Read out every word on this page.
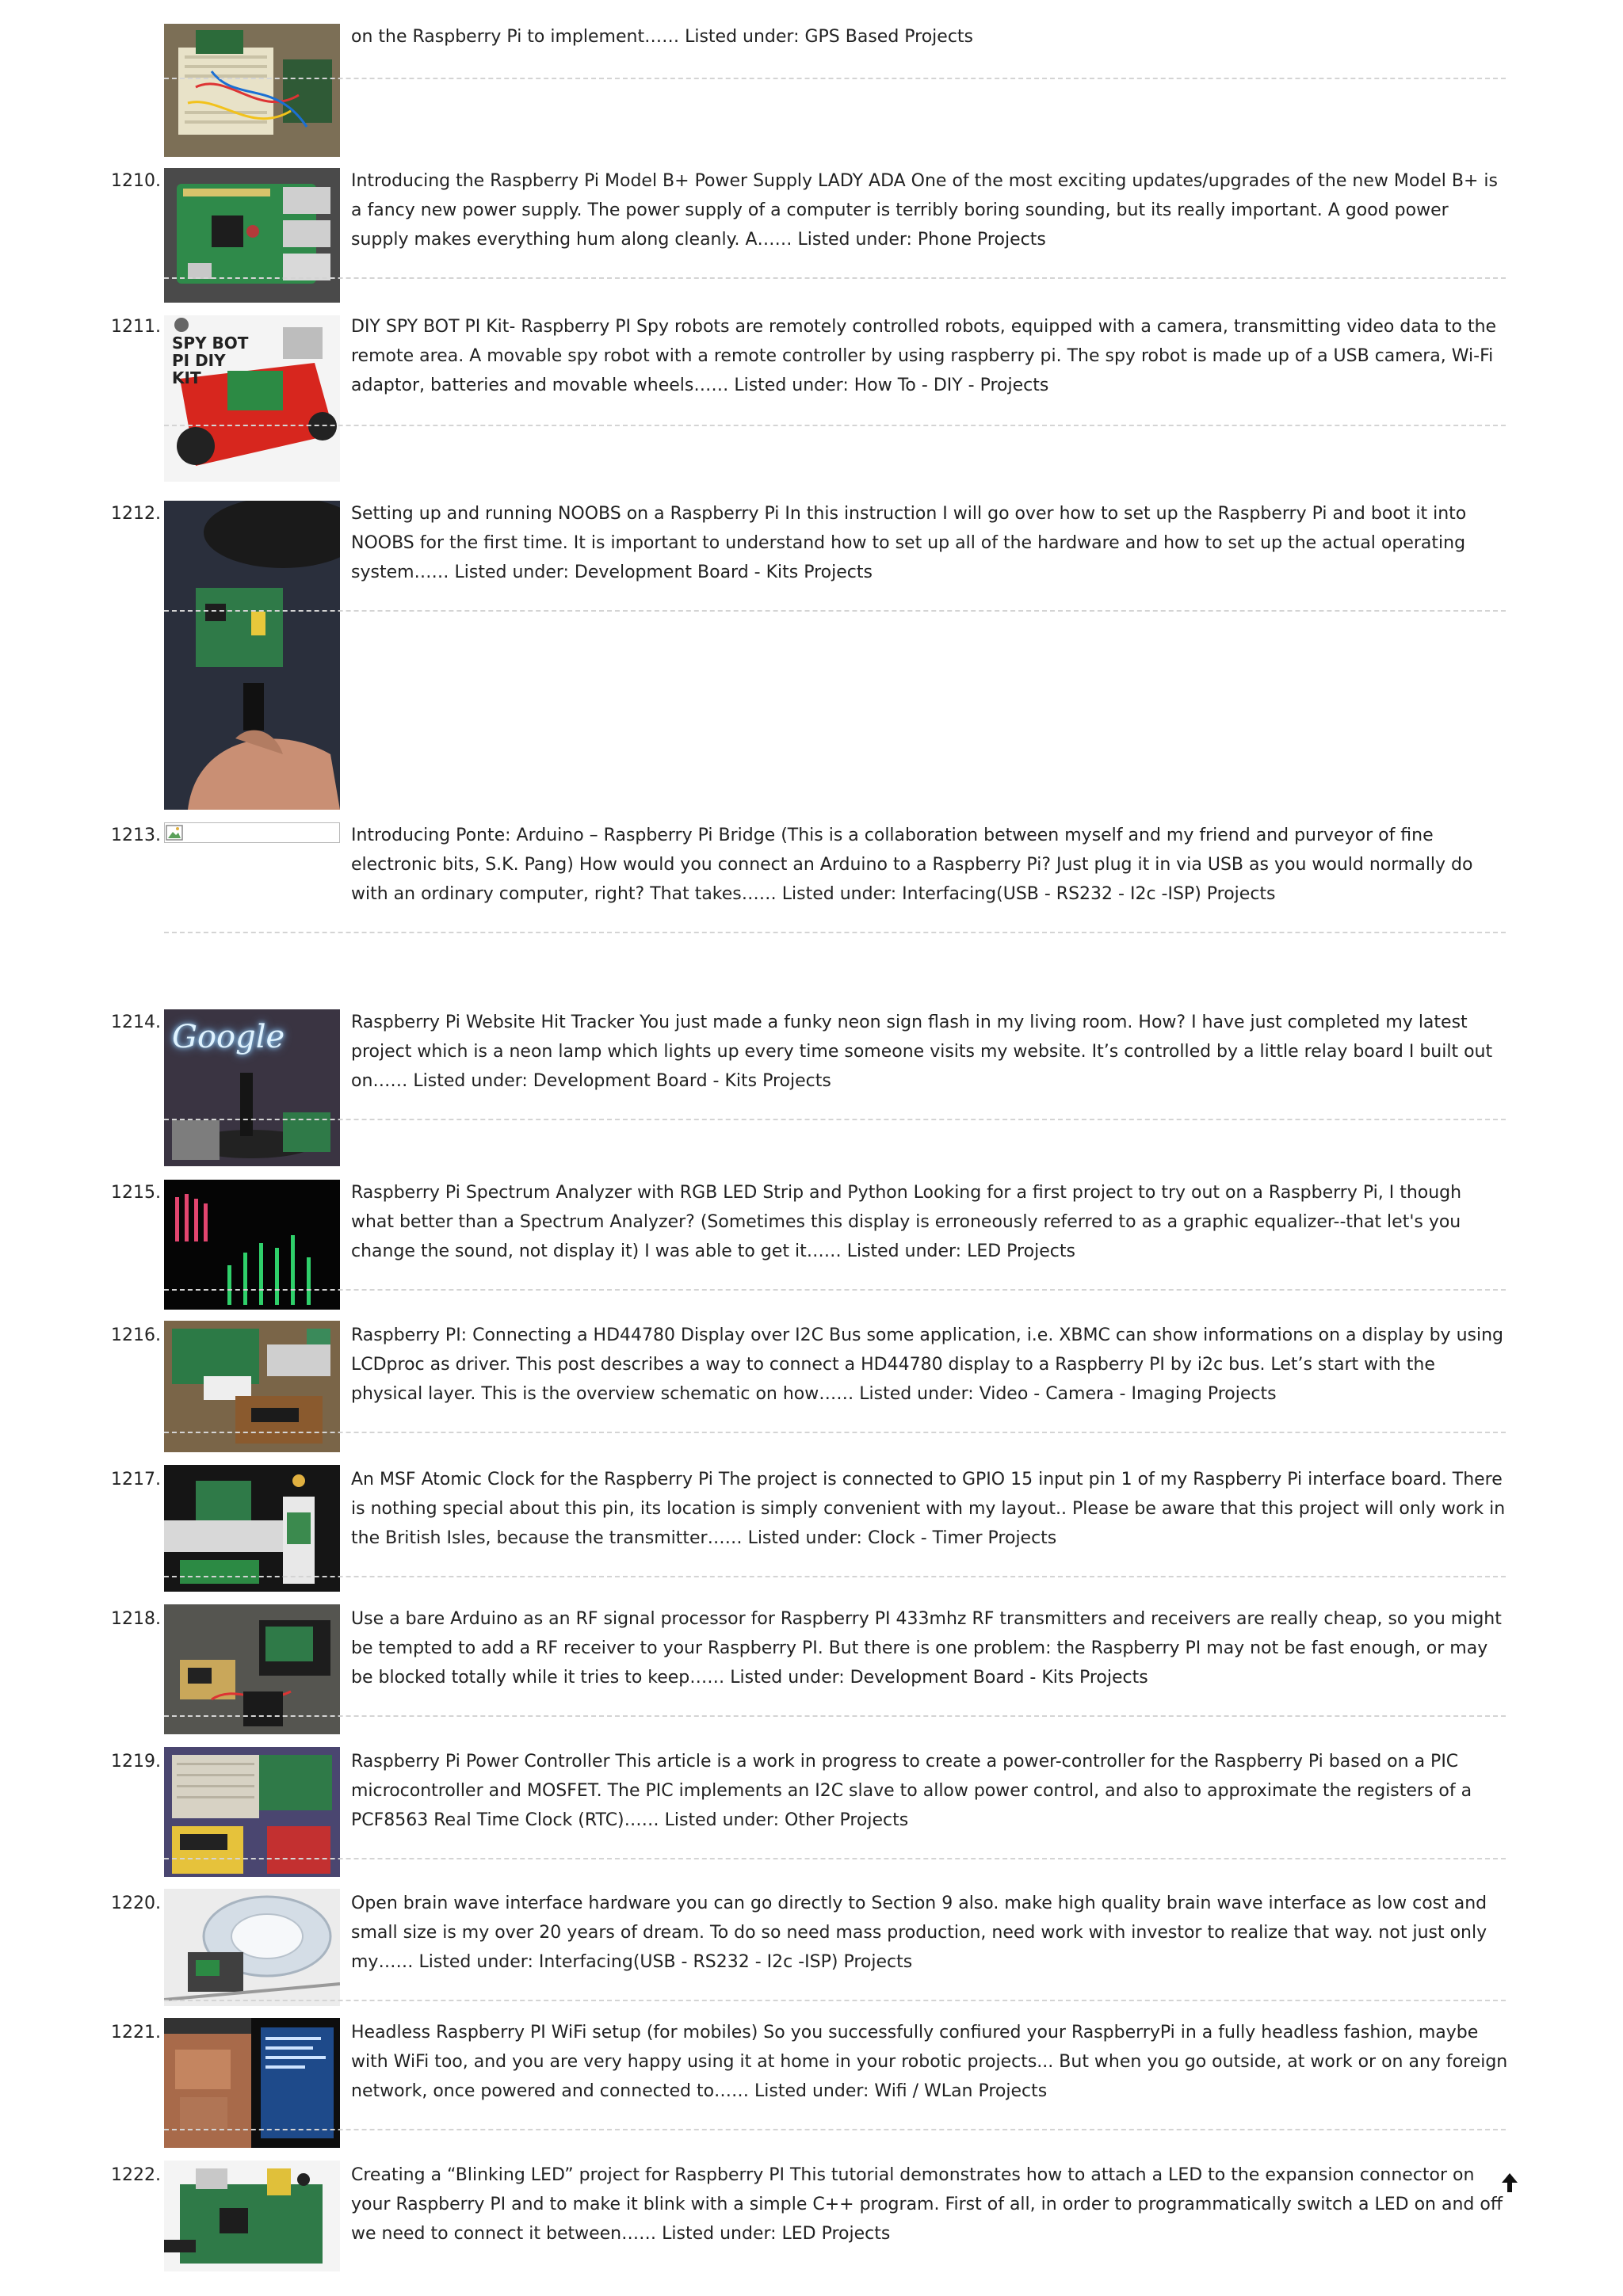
on the Raspberry Pi to implement…… Listed under: GPS Based Projects

1210.	Introducing the Raspberry Pi Model B+ Power Supply LADY ADA One of the most exciting updates/upgrades of the new Model B+ is a fancy new power supply. The power supply of a computer is terribly boring sounding, but its really important. A good power supply makes everything hum along cleanly. A…… Listed under: Phone Projects

1211.
SPY BOT PI DIY KIT

DIY SPY BOT PI Kit- Raspberry PI Spy robots are remotely controlled robots, equipped with a camera, transmitting video data to the remote area. A movable spy robot with a remote controller by using raspberry pi. The spy robot is made up of a USB camera, Wi-Fi adaptor, batteries and movable wheels…… Listed under: How To - DIY - Projects

1212.	Setting up and running NOOBS on a Raspberry Pi In this instruction I will go over how to set up the Raspberry Pi and boot it into NOOBS for the first time. It is important to understand how to set up all of the hardware and how to set up the actual operating system…… Listed under: Development Board - Kits Projects

1213.	Introducing Ponte: Arduino – Raspberry Pi Bridge (This is a collaboration between myself and my friend and purveyor of fine electronic bits, S.K. Pang) How would you connect an Arduino to a Raspberry Pi? Just plug it in via USB as you would normally do with an ordinary computer, right? That takes…… Listed under: Interfacing(USB - RS232 - I2c -ISP) Projects

1214. Google	Raspberry Pi Website Hit Tracker You just made a funky neon sign flash in my living room. How? I have just completed my latest project which is a neon lamp which lights up every time someone visits my website. It’s controlled by a little relay board I built out on…… Listed under: Development Board - Kits Projects

1215.	Raspberry Pi Spectrum Analyzer with RGB LED Strip and Python Looking for a first project to try out on a Raspberry Pi, I though what better than a Spectrum Analyzer? (Sometimes this display is erroneously referred to as a graphic equalizer--that let's you change the sound, not display it) I was able to get it…… Listed under: LED Projects

1216.	Raspberry PI: Connecting a HD44780 Display over I2C Bus some application, i.e. XBMC can show informations on a display by using LCDproc as driver. This post describes a way to connect a HD44780 display to a Raspberry PI by i2c bus. Let’s start with the physical layer. This is the overview schematic on how…… Listed under: Video - Camera - Imaging Projects

1217.	An MSF Atomic Clock for the Raspberry Pi The project is connected to GPIO 15 input pin 1 of my Raspberry Pi interface board. There is nothing special about this pin, its location is simply convenient with my layout.. Please be aware that this project will only work in the British Isles, because the transmitter…… Listed under: Clock - Timer Projects

1218.	Use a bare Arduino as an RF signal processor for Raspberry PI 433mhz RF transmitters and receivers are really cheap, so you might be tempted to add a RF receiver to your Raspberry PI. But there is one problem: the Raspberry PI may not be fast enough, or may be blocked totally while it tries to keep…… Listed under: Development Board - Kits Projects

1219.	Raspberry Pi Power Controller This article is a work in progress to create a power-controller for the Raspberry Pi based on a PIC microcontroller and MOSFET. The PIC implements an I2C slave to allow power control, and also to approximate the registers of a PCF8563 Real Time Clock (RTC)…… Listed under: Other Projects

1220.	Open brain wave interface hardware you can go directly to Section 9 also. make high quality brain wave interface as low cost and small size is my over 20 years of dream. To do so need mass production, need work with investor to realize that way. not just only my…… Listed under: Interfacing(USB - RS232 - I2c -ISP) Projects

1221.	Headless Raspberry PI WiFi setup (for mobiles) So you successfully confiured your RaspberryPi in a fully headless fashion, maybe with WiFi too, and you are very happy using it at home in your robotic projects... But when you go outside, at work or on any foreign network, once powered and connected to…… Listed under: Wifi / WLan Projects

1222.	Creating a “Blinking LED” project for Raspberry PI This tutorial demonstrates how to attach a LED to the expansion connector on your Raspberry PI and to make it blink with a simple C++ program. First of all, in order to programmatically switch a LED on and off we need to connect it between…… Listed under: LED Projects
